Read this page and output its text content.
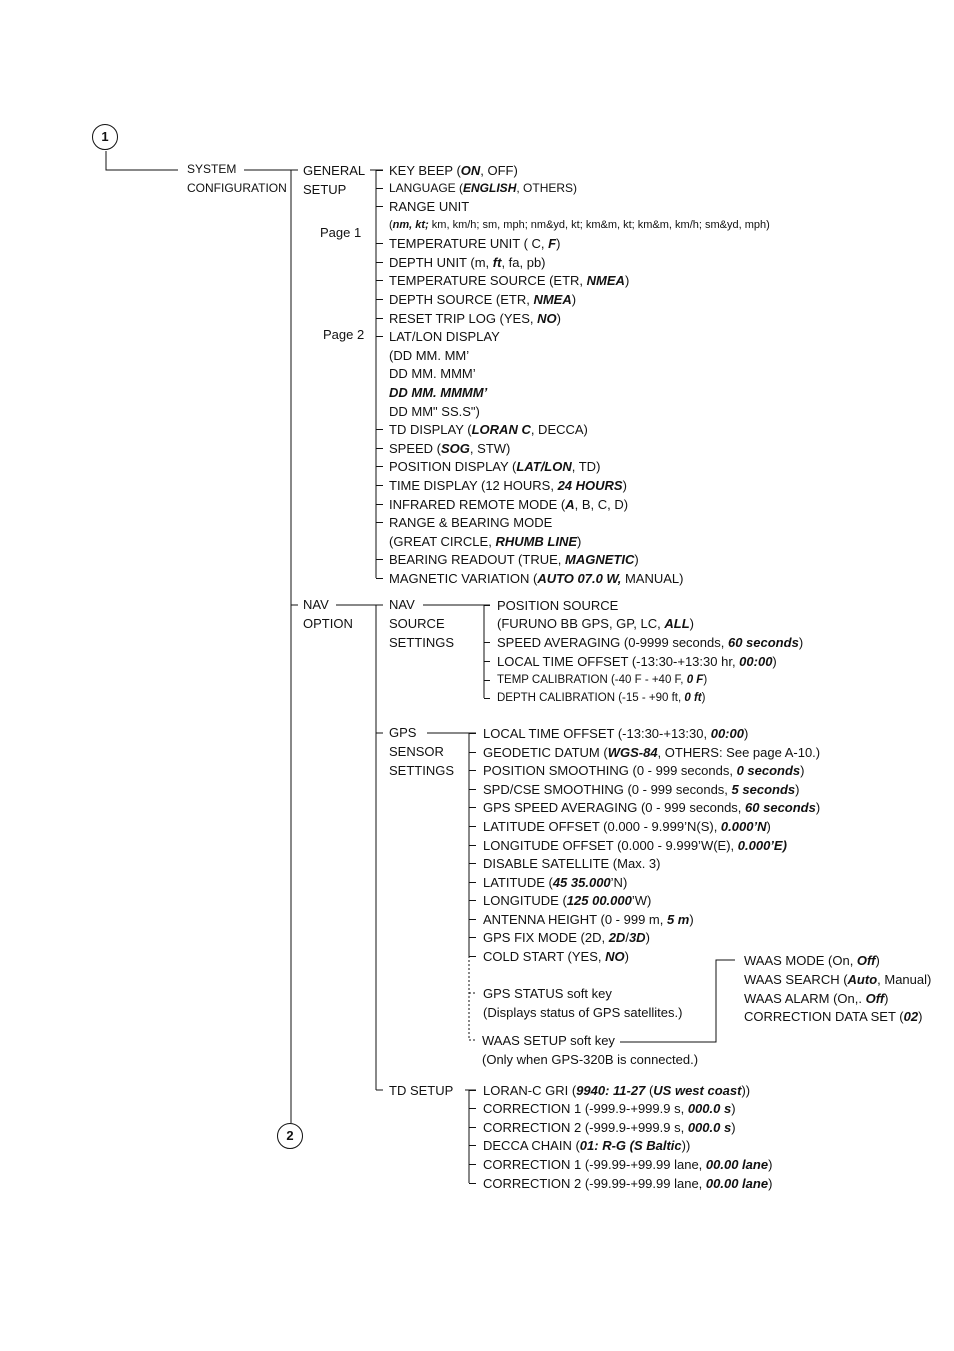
1
2
SYSTEM
CONFIGURATION
GENERAL
SETUP
Page 1
Page 2
NAV
OPTION
NAV
SOURCE
SETTINGS
GPS
SENSOR
SETTINGS
GPS STATUS soft key
(Displays status of GPS satellites.)
WAAS SETUP soft key
(Only when GPS-320B is connected.)
TD SETUP
KEY BEEP (ON, OFF)
LANGUAGE (ENGLISH, OTHERS)
RANGE UNIT
(nm, kt; km, km/h; sm, mph; nm&yd, kt; km&m, kt; km&m, km/h; sm&yd, mph)
TEMPERATURE UNIT ( C, F)
DEPTH UNIT (m, ft, fa, pb)
TEMPERATURE SOURCE (ETR, NMEA)
DEPTH SOURCE (ETR, NMEA)
RESET TRIP LOG (YES, NO)
LAT/LON DISPLAY
(DD MM. MM’
DD MM. MMM’
DD MM. MMMM’
DD MM" SS.S")
TD DISPLAY (LORAN C, DECCA)
SPEED (SOG, STW)
POSITION DISPLAY (LAT/LON, TD)
TIME DISPLAY (12 HOURS, 24 HOURS)
INFRARED REMOTE MODE (A, B, C, D)
RANGE & BEARING MODE
(GREAT CIRCLE, RHUMB LINE)
BEARING READOUT (TRUE, MAGNETIC)
MAGNETIC VARIATION (AUTO 07.0 W, MANUAL)
POSITION SOURCE
(FURUNO BB GPS, GP, LC, ALL)
SPEED AVERAGING (0-9999 seconds, 60 seconds)
LOCAL TIME OFFSET (-13:30-+13:30 hr, 00:00)
TEMP CALIBRATION (-40 F - +40 F, 0 F)
DEPTH CALIBRATION (-15 - +90 ft, 0 ft)
LOCAL TIME OFFSET (-13:30-+13:30, 00:00)
GEODETIC DATUM (WGS-84, OTHERS: See page A-10.)
POSITION SMOOTHING (0 - 999 seconds, 0 seconds)
SPD/CSE SMOOTHING (0 - 999 seconds, 5 seconds)
GPS SPEED AVERAGING (0 - 999 seconds, 60 seconds)
LATITUDE OFFSET (0.000 - 9.999’N(S), 0.000’N)
LONGITUDE OFFSET (0.000 - 9.999’W(E), 0.000’E)
DISABLE SATELLITE (Max. 3)
LATITUDE (45 35.000’N)
LONGITUDE (125 00.000’W)
ANTENNA HEIGHT (0 - 999 m, 5 m)
GPS FIX MODE (2D, 2D/3D)
COLD START (YES, NO)	WAAS MODE (On, Off)
WAAS SEARCH (Auto, Manual)
WAAS ALARM (On,. Off)
CORRECTION DATA SET (02)
LORAN-C GRI (9940: 11-27 (US west coast))
CORRECTION 1 (-999.9-+999.9 s, 000.0 s)
CORRECTION 2 (-999.9-+999.9 s, 000.0 s)
DECCA CHAIN (01: R-G (S Baltic))
CORRECTION 1 (-99.99-+99.99 lane, 00.00 lane)
CORRECTION 2 (-99.99-+99.99 lane, 00.00 lane)
